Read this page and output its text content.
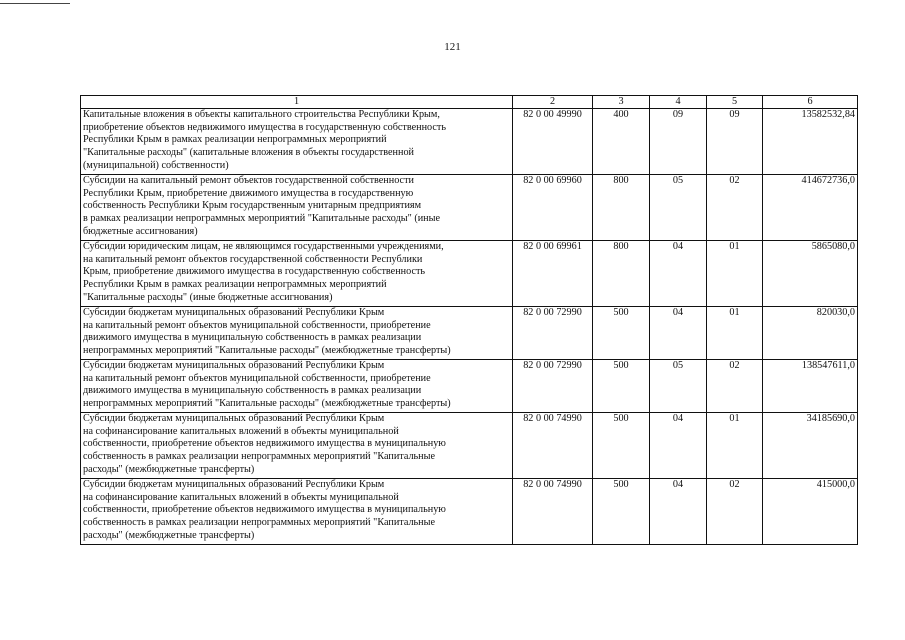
121
1	2	3	4	5	6
Капитальные вложения в объекты капитального строительства Республики Крым,
приобретение объектов недвижимого имущества в государственную собственность
Республики Крым в рамках реализации непрограммных мероприятий
"Капитальные расходы" (капитальные вложения в объекты государственной
(муниципальной) собственности)	82 0 00 49990	400	09	09	13582532,84
Субсидии на капитальный ремонт объектов государственной собственности
Республики Крым, приобретение движимого имущества в государственную
собственность Республики Крым государственным унитарным предприятиям
в рамках реализации непрограммных мероприятий "Капитальные расходы" (иные
бюджетные ассигнования)	82 0 00 69960	800	05	02	414672736,0
Субсидии юридическим лицам, не являющимся государственными учреждениями,
на капитальный ремонт объектов государственной собственности Республики
Крым, приобретение движимого имущества в государственную собственность
Республики Крым в рамках реализации непрограммных мероприятий
"Капитальные расходы" (иные бюджетные ассигнования)	82 0 00 69961	800	04	01	5865080,0
Субсидии бюджетам муниципальных образований Республики Крым
на капитальный ремонт объектов муниципальной собственности, приобретение
движимого имущества в муниципальную собственность в рамках реализации
непрограммных мероприятий "Капитальные расходы" (межбюджетные трансферты)	82 0 00 72990	500	04	01	820030,0
Субсидии бюджетам муниципальных образований Республики Крым
на капитальный ремонт объектов муниципальной собственности, приобретение
движимого имущества в муниципальную собственность в рамках реализации
непрограммных мероприятий "Капитальные расходы" (межбюджетные трансферты)	82 0 00 72990	500	05	02	138547611,0
Субсидии бюджетам муниципальных образований Республики Крым
на софинансирование капитальных вложений в объекты муниципальной
собственности, приобретение объектов недвижимого имущества в муниципальную
собственность в рамках реализации непрограммных мероприятий "Капитальные
расходы" (межбюджетные трансферты)	82 0 00 74990	500	04	01	34185690,0
Субсидии бюджетам муниципальных образований Республики Крым
на софинансирование капитальных вложений в объекты муниципальной
собственности, приобретение объектов недвижимого имущества в муниципальную
собственность в рамках реализации непрограммных мероприятий "Капитальные
расходы" (межбюджетные трансферты)	82 0 00 74990	500	04	02	415000,0
